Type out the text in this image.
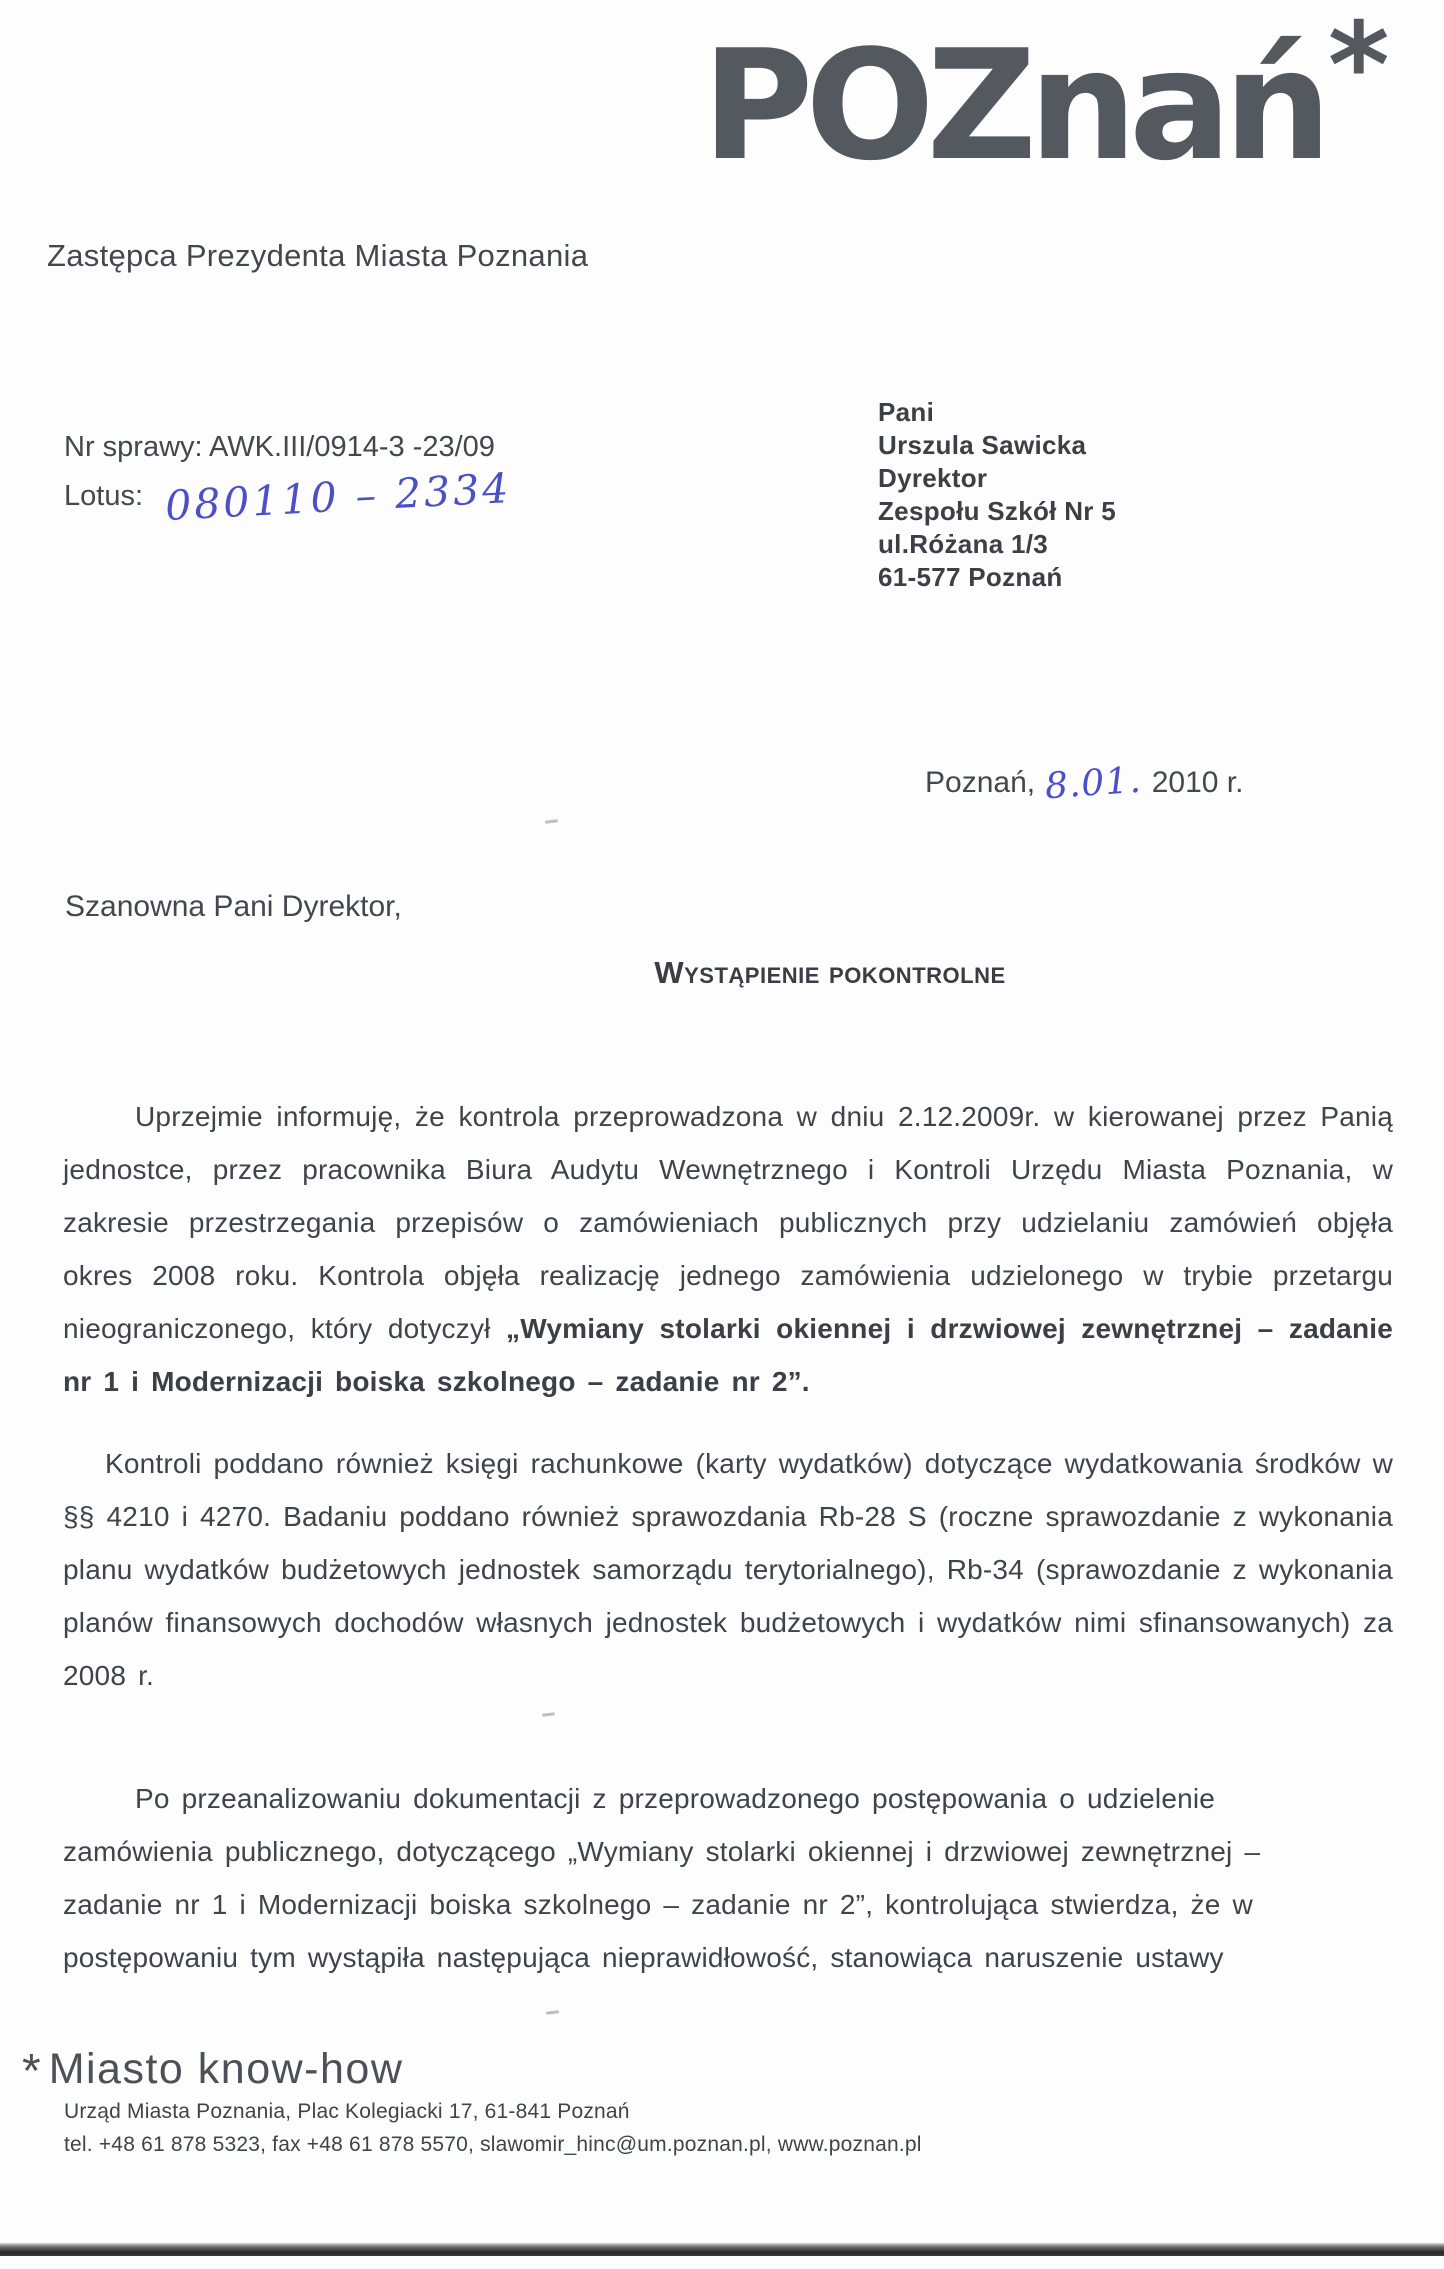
POZnań*
Zastępca Prezydenta Miasta Poznania
Nr sprawy: AWK.III/0914-3 -23/09
Lotus: 080110 – 2334
Pani
Urszula Sawicka
Dyrektor
Zespołu Szkół Nr 5
ul.Różana 1/3
61-577 Poznań
Poznań, 8.01. 2010 r.
Szanowna Pani Dyrektor,
Wystąpienie pokontrolne

Uprzejmie informuję, że kontrola przeprowadzona w dniu 2.12.2009r. w kierowanej przez Panią jednostce, przez pracownika Biura Audytu Wewnętrznego i Kontroli Urzędu Miasta Poznania, w zakresie przestrzegania przepisów o zamówieniach publicznych przy udzielaniu zamówień objęła okres 2008 roku. Kontrola objęła realizację jednego zamówienia udzielonego w trybie przetargu nieograniczonego, który dotyczył „Wymiany stolarki okiennej i drzwiowej zewnętrznej – zadanie nr 1 i Modernizacji boiska szkolnego – zadanie nr 2”.

Kontroli poddano również księgi rachunkowe (karty wydatków) dotyczące wydatkowania środków w §§ 4210 i 4270. Badaniu poddano również sprawozdania Rb-28 S (roczne sprawozdanie z wykonania planu wydatków budżetowych jednostek samorządu terytorialnego), Rb-34 (sprawozdanie z wykonania planów finansowych dochodów własnych jednostek budżetowych i wydatków nimi sfinansowanych) za 2008 r.

Po przeanalizowaniu dokumentacji z przeprowadzonego postępowania o udzielenie zamówienia publicznego, dotyczącego „Wymiany stolarki okiennej i drzwiowej zewnętrznej – zadanie nr 1 i Modernizacji boiska szkolnego – zadanie nr 2”, kontrolująca stwierdza, że w postępowaniu tym wystąpiła następująca nieprawidłowość, stanowiąca naruszenie ustawy

* Miasto know-how
Urząd Miasta Poznania, Plac Kolegiacki 17, 61-841 Poznań
tel. +48 61 878 5323, fax +48 61 878 5570, slawomir_hinc@um.poznan.pl, www.poznan.pl
